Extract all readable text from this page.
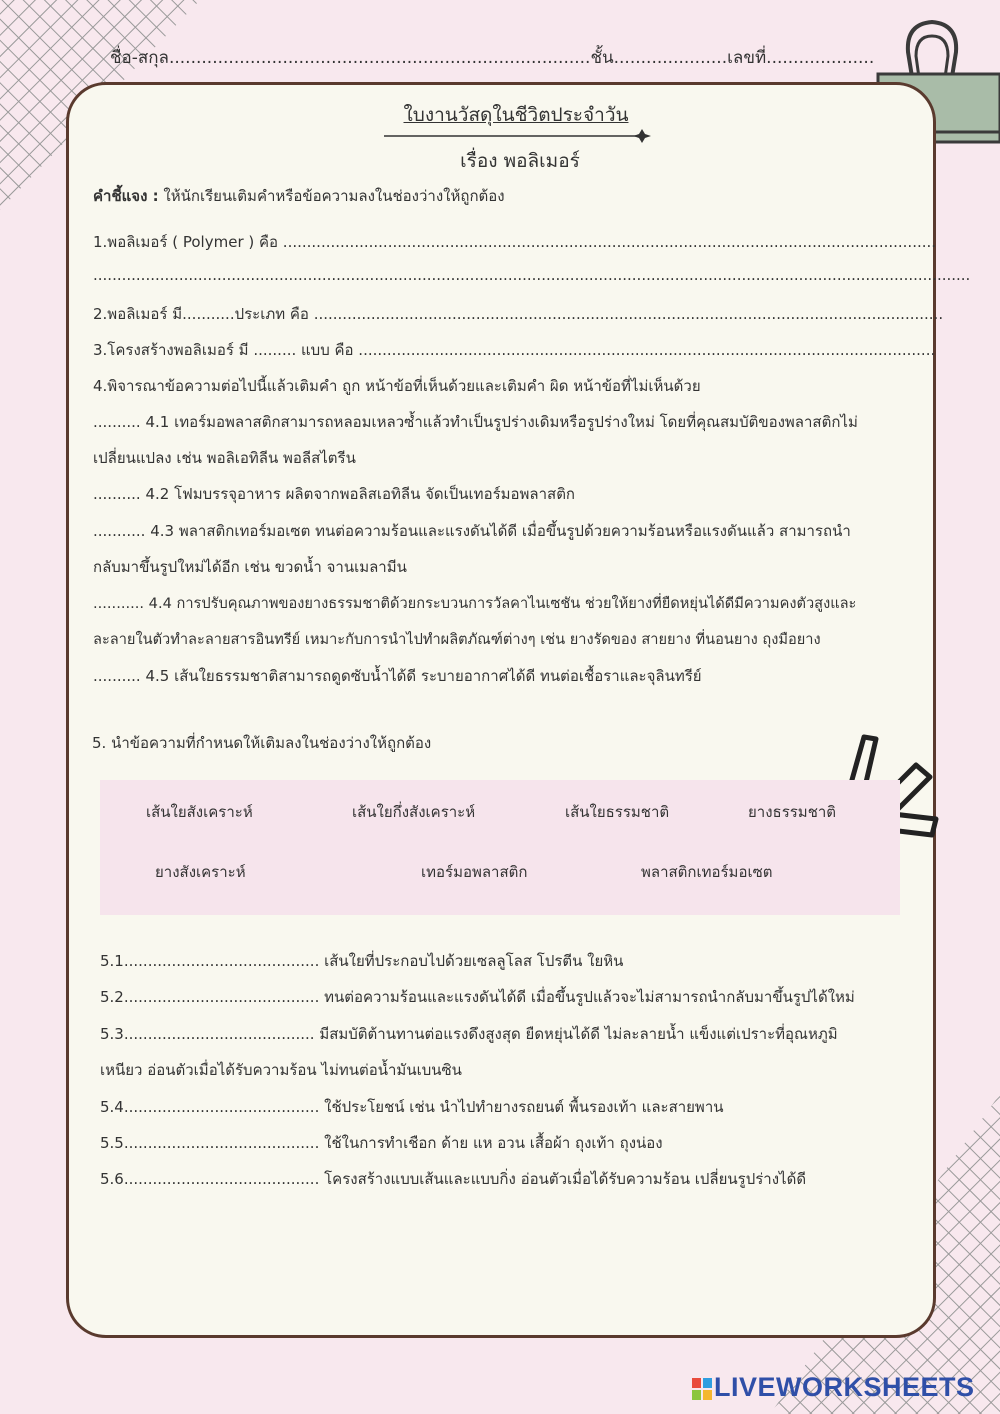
ชื่อ-สกุล..............................................................................ชั้น.....................เลขที่....................
ใบงานวัสดุในชีวิตประจำวัน
เรื่อง พอลิเมอร์
คำชี้แจง : ให้นักเรียนเติมคำหรือข้อความลงในช่องว่างให้ถูกต้อง
1.พอลิเมอร์ ( Polymer ) คือ .........................................................................................................................................
........................................................................................................................................................................................
2.พอลิเมอร์ มี...........ประเภท คือ ....................................................................................................................................
3.โครงสร้างพอลิเมอร์ มี ......... แบบ คือ .........................................................................................................................
4.พิจารณาข้อความต่อไปนี้แล้วเติมคำ ถูก หน้าข้อที่เห็นด้วยและเติมคำ ผิด หน้าข้อที่ไม่เห็นด้วย
.......... 4.1 เทอร์มอพลาสติกสามารถหลอมเหลวซ้ำแล้วทำเป็นรูปร่างเดิมหรือรูปร่างใหม่ โดยที่คุณสมบัติของพลาสติกไม่
เปลี่ยนแปลง เช่น พอลิเอทิลีน พอลีสไตรีน
.......... 4.2 โฟมบรรจุอาหาร ผลิตจากพอลิสเอทิลีน จัดเป็นเทอร์มอพลาสติก
........... 4.3 พลาสติกเทอร์มอเซต ทนต่อความร้อนและแรงดันได้ดี เมื่อขึ้นรูปด้วยความร้อนหรือแรงดันแล้ว สามารถนำ
กลับมาขึ้นรูปใหม่ได้อีก เช่น ขวดน้ำ จานเมลามีน
........... 4.4 การปรับคุณภาพของยางธรรมชาติด้วยกระบวนการวัลคาไนเซชัน ช่วยให้ยางที่ยืดหยุ่นได้ดีมีความคงตัวสูงและ
ละลายในตัวทำละลายสารอินทรีย์ เหมาะกับการนำไปทำผลิตภัณฑ์ต่างๆ เช่น ยางรัดของ สายยาง ที่นอนยาง ถุงมือยาง
.......... 4.5 เส้นใยธรรมชาติสามารถดูดซับน้ำได้ดี ระบายอากาศได้ดี ทนต่อเชื้อราและจุลินทรีย์
5. นำข้อความที่กำหนดให้เติมลงในช่องว่างให้ถูกต้อง
เส้นใยสังเคราะห์	เส้นใยกึ่งสังเคราะห์	เส้นใยธรรมชาติ	ยางธรรมชาติ
ยางสังเคราะห์	เทอร์มอพลาสติก	พลาสติกเทอร์มอเซต
5.1......................................... เส้นใยที่ประกอบไปด้วยเซลลูโลส โปรตีน ใยหิน
5.2......................................... ทนต่อความร้อนและแรงดันได้ดี เมื่อขึ้นรูปแล้วจะไม่สามารถนำกลับมาขึ้นรูปได้ใหม่
5.3........................................ มีสมบัติต้านทานต่อแรงดึงสูงสุด ยืดหยุ่นได้ดี ไม่ละลายน้ำ แข็งแต่เปราะที่อุณหภูมิ
เหนียว อ่อนตัวเมื่อได้รับความร้อน ไม่ทนต่อน้ำมันเบนซิน
5.4......................................... ใช้ประโยชน์ เช่น นำไปทำยางรถยนต์ พื้นรองเท้า และสายพาน
5.5......................................... ใช้ในการทำเชือก ด้าย แห อวน เสื้อผ้า ถุงเท้า ถุงน่อง
5.6......................................... โครงสร้างแบบเส้นและแบบกิ่ง อ่อนตัวเมื่อได้รับความร้อน เปลี่ยนรูปร่างได้ดี
LIVEWORKSHEETS
